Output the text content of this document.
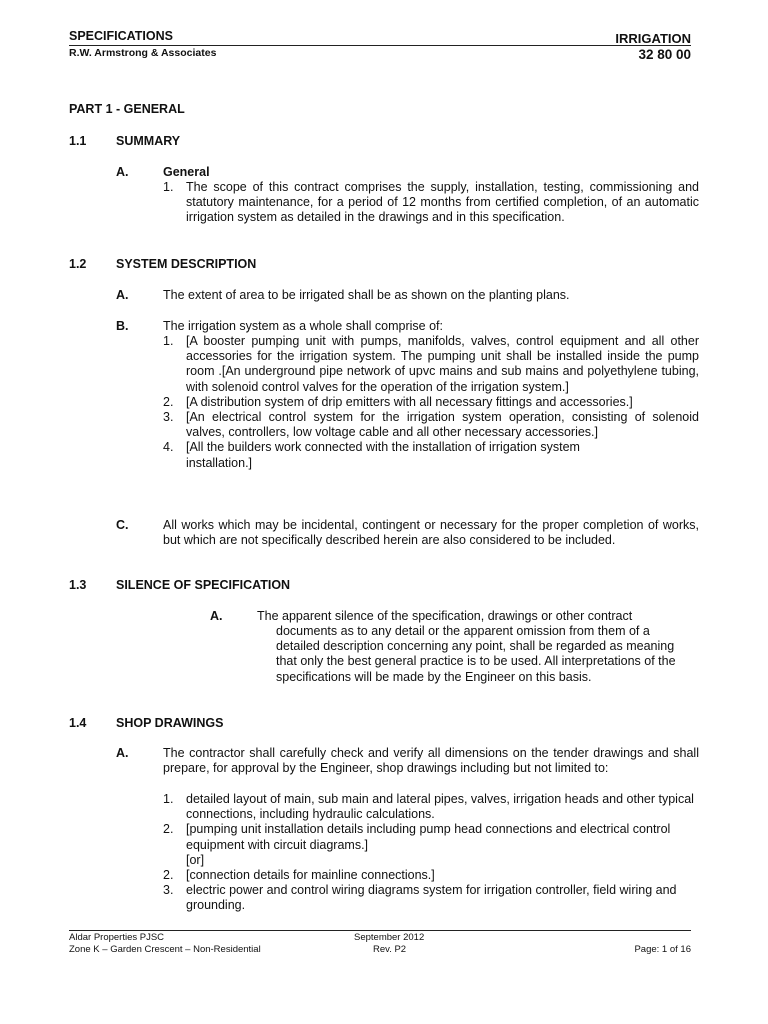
SPECIFICATIONS
R.W. Armstrong & Associates
IRRIGATION
32 80 00
PART 1 - GENERAL
1.1 SUMMARY
A.	General
1. The scope of this contract comprises the supply, installation, testing, commissioning and statutory maintenance, for a period of 12 months from certified completion, of an automatic irrigation system as detailed in the drawings and in this specification.
1.2 SYSTEM DESCRIPTION
A.	The extent of area to be irrigated shall be as shown on the planting plans.
B.	The irrigation system as a whole shall comprise of:
1. [A booster pumping unit with pumps, manifolds, valves, control equipment and all other accessories for the irrigation system. The pumping unit shall be installed inside the pump room .[An underground pipe network of upvc mains and sub mains and polyethylene tubing, with solenoid control valves for the operation of the irrigation system.]
2. [A distribution system of drip emitters with all necessary fittings and accessories.]
3. [An electrical control system for the irrigation system operation, consisting of solenoid valves, controllers, low voltage cable and all other necessary accessories.]
4. [All the builders work connected with the installation of irrigation system installation.]
C.	All works which may be incidental, contingent or necessary for the proper completion of works, but which are not specifically described herein are also considered to be included.
1.3 SILENCE OF SPECIFICATION
A.	The apparent silence of the specification, drawings or other contract
documents as to any detail or the apparent omission from them of a detailed description concerning any point, shall be regarded as meaning that only the best general practice is to be used. All interpretations of the specifications will be made by the Engineer on this basis.
1.4 SHOP DRAWINGS
A.	The contractor shall carefully check and verify all dimensions on the tender drawings and shall prepare, for approval by the Engineer, shop drawings including but not limited to:
1. detailed layout of main, sub main and lateral pipes, valves, irrigation heads and other typical connections, including hydraulic calculations.
2. [pumping unit installation details including pump head connections and electrical control equipment with circuit diagrams.]
[or]
2. [connection details for mainline connections.]
3. electric power and control wiring diagrams system for irrigation controller, field wiring and grounding.
Aldar Properties PJSC
Zone K – Garden Crescent – Non-Residential
September 2012
Rev. P2	Page: 1 of 16
